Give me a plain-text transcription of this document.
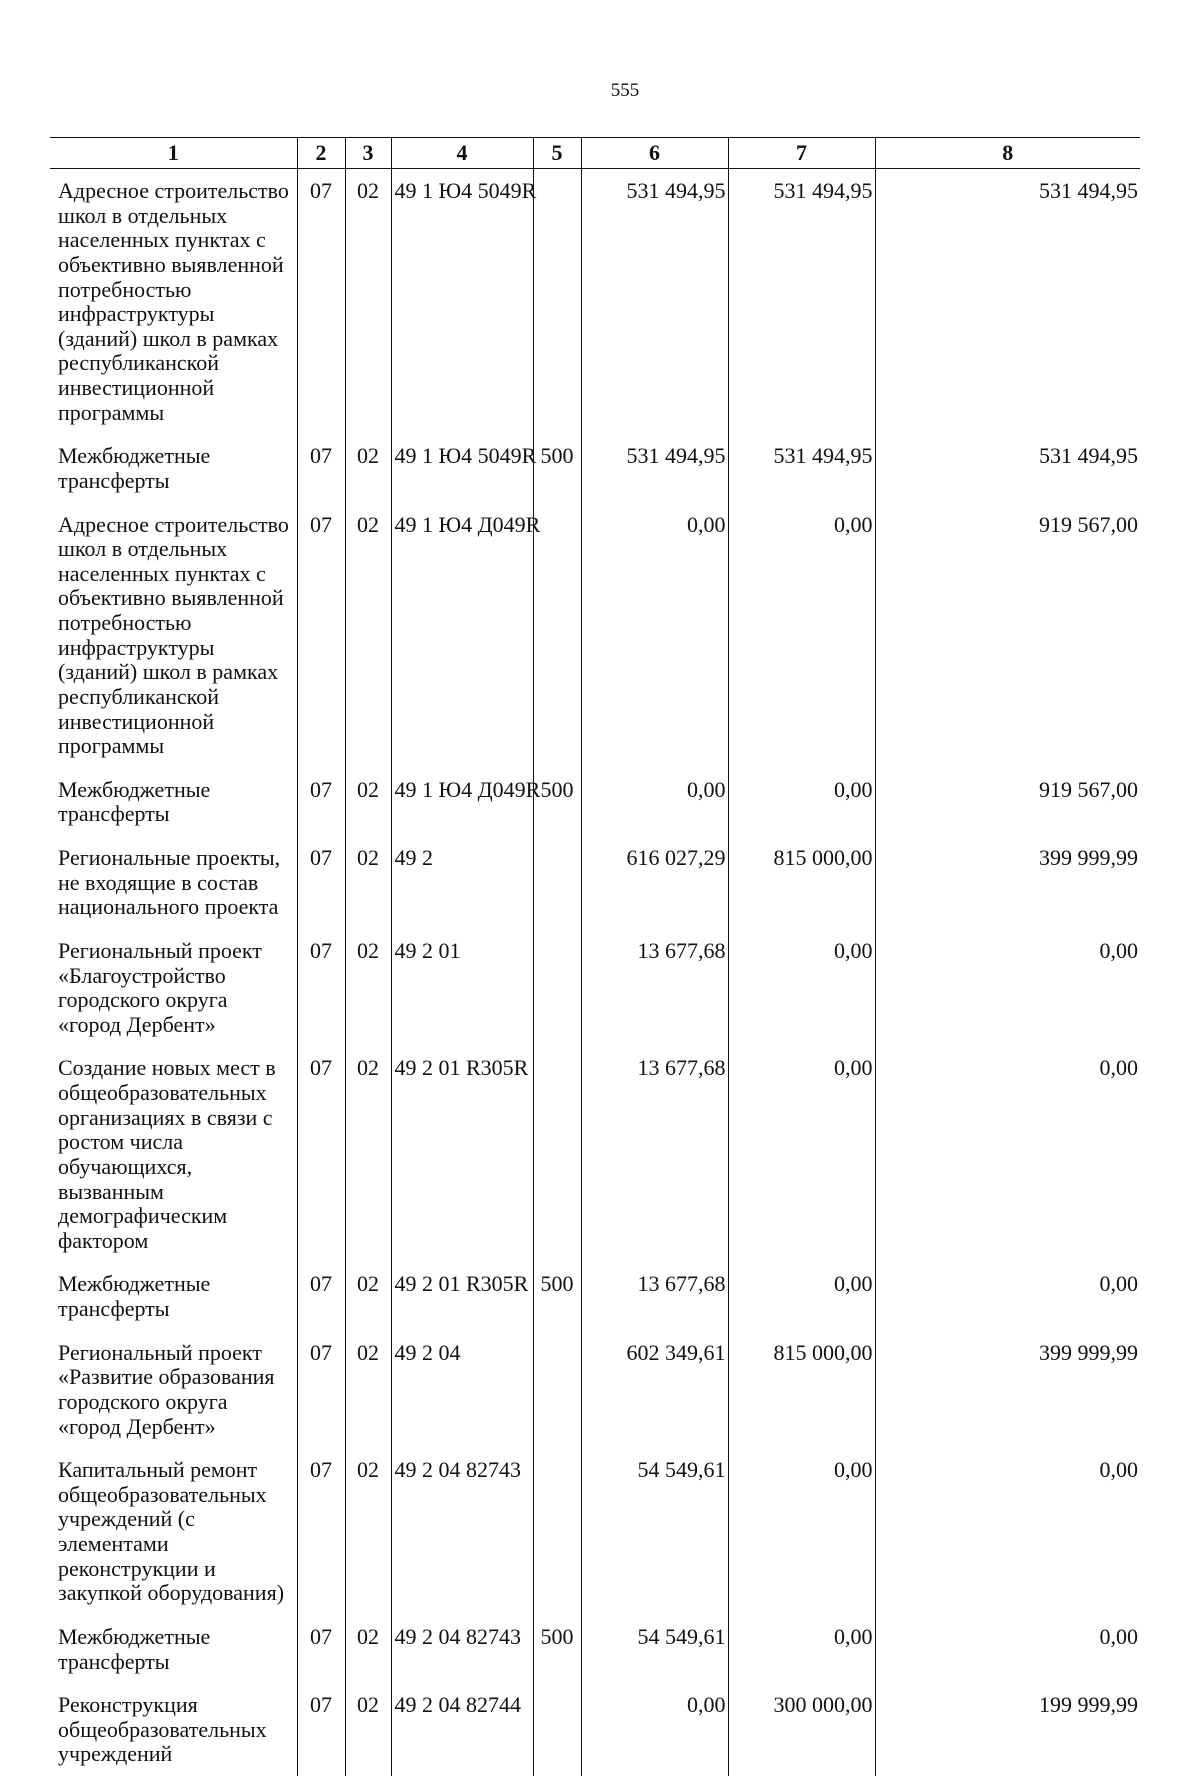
555
1	2	3	4	5	6	7	8
Адресное строительство школ в отдельных населенных пунктах с объективно выявленной потребностью инфраструктуры (зданий) школ в рамках республиканской инвестиционной программы	07	02	49 1 Ю4 5049R		531 494,95	531 494,95	531 494,95
Межбюджетные трансферты	07	02	49 1 Ю4 5049R	500	531 494,95	531 494,95	531 494,95
Адресное строительство школ в отдельных населенных пунктах с объективно выявленной потребностью инфраструктуры (зданий) школ в рамках республиканской инвестиционной программы	07	02	49 1 Ю4 Д049R		0,00	0,00	919 567,00
Межбюджетные трансферты	07	02	49 1 Ю4 Д049R	500	0,00	0,00	919 567,00
Региональные проекты, не входящие в состав национального проекта	07	02	49 2		616 027,29	815 000,00	399 999,99
Региональный проект «Благоустройство городского округа «город Дербент»	07	02	49 2 01		13 677,68	0,00	0,00
Создание новых мест в общеобразовательных организациях в связи с ростом числа обучающихся, вызванным демографическим фактором	07	02	49 2 01 R305R		13 677,68	0,00	0,00
Межбюджетные трансферты	07	02	49 2 01 R305R	500	13 677,68	0,00	0,00
Региональный проект «Развитие образования городского округа «город Дербент»	07	02	49 2 04		602 349,61	815 000,00	399 999,99
Капитальный ремонт общеобразовательных учреждений (с элементами реконструкции и закупкой оборудования)	07	02	49 2 04 82743		54 549,61	0,00	0,00
Межбюджетные трансферты	07	02	49 2 04 82743	500	54 549,61	0,00	0,00
Реконструкция общеобразовательных учреждений	07	02	49 2 04 82744		0,00	300 000,00	199 999,99
